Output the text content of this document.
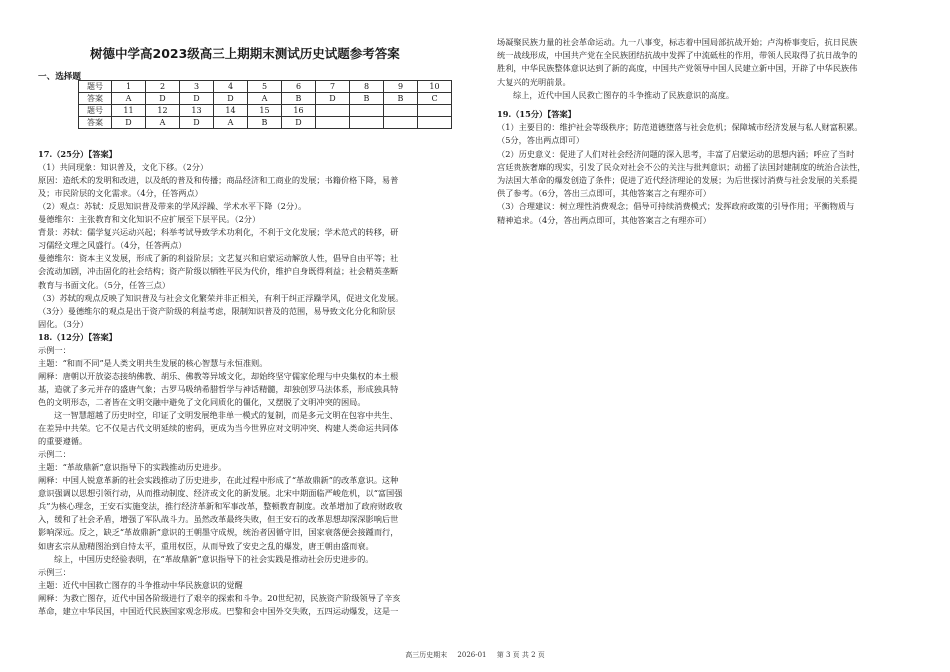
树德中学高2023级高三上期期末测试历史试题参考答案
一、选择题
题号	1	2	3	4	5	6	7	8	9	10
答案	A	D	D	D	A	B	D	B	B	C
题号	11	12	13	14	15	16				
答案	D	A	D	A	B	D				
高三历史期末 2026-01 第 3 页 共 2 页
17.（25分）【答案】
（1）共同现象：知识普及，文化下移。（2分）
原因：造纸术的发明和改进，以及纸的普及和传播；商品经济和工商业的发展；书籍价格下降，易普
及；市民阶层的文化需求。（4分，任答两点）
（2）观点：苏轼：反思知识普及带来的学风浮躁、学术水平下降（2分）。
曼德维尔：主张教育和文化知识不应扩展至下层平民。（2分）
背景：苏轼：儒学复兴运动兴起；科举考试导致学术功利化，不利于文化发展；学术范式的转移，研
习儒经文理之风盛行。（4分，任答两点）
曼德维尔：资本主义发展，形成了新的利益阶层；文艺复兴和启蒙运动解放人性，倡导自由平等；社
会流动加剧，冲击固化的社会结构；资产阶级以牺牲平民为代价，维护自身既得利益；社会精英垄断
教育与书面文化。（5分，任答三点）
（3）苏轼的观点反映了知识普及与社会文化繁荣并非正相关，有利于纠正浮躁学风，促进文化发展。
（3分）曼德维尔的观点是出于资产阶级的利益考虑，限制知识普及的范围，易导致文化分化和阶层
固化。（3分）
18.（12分）【答案】
示例一：
主题：“和而不同”是人类文明共生发展的核心智慧与永恒准则。
阐释：唐朝以开放姿态接纳佛教、胡乐、佛教等异域文化，却始终坚守儒家伦理与中央集权的本土根
基，造就了多元并存的盛唐气象；古罗马吸纳希腊哲学与神话精髓，却独创罗马法体系，形成独具特
色的文明形态，二者皆在文明交融中避免了文化同质化的僵化，又摆脱了文明冲突的困局。
这一智慧超越了历史时空，印证了文明发展绝非单一模式的复制，而是多元文明在包容中共生、
在差异中共荣。它不仅是古代文明延续的密码，更成为当今世界应对文明冲突、构建人类命运共同体
的重要遵循。
示例二：
主题：“革故鼎新”意识指导下的实践推动历史进步。
阐释：中国人锐意革新的社会实践推动了历史进步，在此过程中形成了“革故鼎新”的改革意识。这种
意识强调以思想引领行动，从而推动制度、经济或文化的新发展。北宋中期面临严峻危机，以“富国强
兵”为核心理念，王安石实施变法，推行经济革新和军事改革，整顿教育制度。改革增加了政府财政收
入，缓和了社会矛盾，增强了军队战斗力。虽然改革最终失败，但王安石的改革思想却深深影响后世
影响深远。反之，缺乏“革故鼎新”意识的王朝墨守成规，统治者因循守旧，国家衰落便会接踵而行，
如唐玄宗从励精图治到自恃太平，重用权臣，从而导致了安史之乱的爆发，唐王朝由盛而衰。
综上，中国历史经验表明，在“革故鼎新”意识指导下的社会实践是推动社会历史进步的。
示例三：
主题：近代中国救亡图存的斗争推动中华民族意识的觉醒
阐释：为救亡图存，近代中国各阶级进行了艰辛的探索和斗争。20世纪初，民族资产阶级领导了辛亥
革命，建立中华民国，中国近代民族国家观念形成。巴黎和会中国外交失败，五四运动爆发，这是一
场凝聚民族力量的社会革命运动。九一八事变，标志着中国局部抗战开始；卢沟桥事变后，抗日民族
统一战线形成，中国共产党在全民族团结抗战中发挥了中流砥柱的作用，带领人民取得了抗日战争的
胜利，中华民族整体意识达到了新的高度，中国共产党领导中国人民建立新中国，开辟了中华民族伟
大复兴的光明前景。
综上，近代中国人民救亡图存的斗争推动了民族意识的高度。
19.（15分）【答案】
（1）主要目的：维护社会等级秩序；防范道德堕落与社会危机；保障城市经济发展与私人财富积累。
（5分，答出两点即可）
（2）历史意义：促进了人们对社会经济问题的深入思考，丰富了启蒙运动的思想内涵；呼应了当时
宫廷贵族奢靡的现实，引发了民众对社会不公的关注与批判意识；动摇了法国封建制度的统治合法性，
为法国大革命的爆发创造了条件；促进了近代经济理论的发展；为后世探讨消费与社会发展的关系提
供了参考。（6分，答出三点即可，其他答案言之有理亦可）
（3）合理建议：树立理性消费观念；倡导可持续消费模式；发挥政府政策的引导作用；平衡物质与
精神追求。（4分，答出两点即可，其他答案言之有理亦可）
